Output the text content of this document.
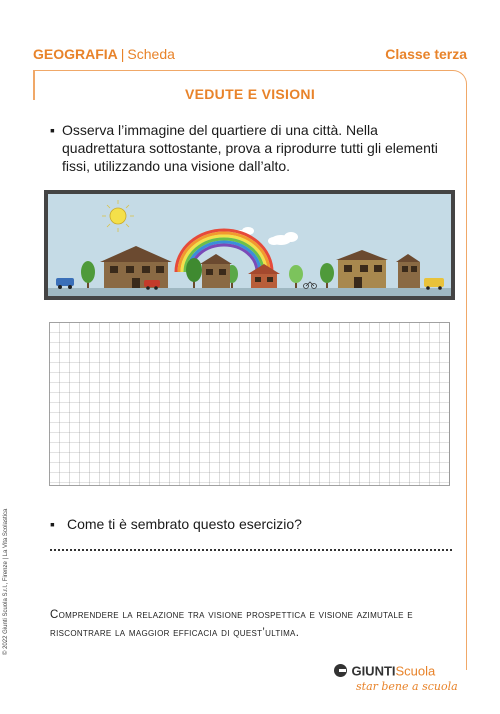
GEOGRAFIA | Scheda	Classe terza
VEDUTE E VISIONI
▪ Osserva l’immagine del quartiere di una città. Nella quadrettatura sottostante, prova a riprodurre tutti gli elementi fissi, utilizzando una visione dall’alto.
▪ Come ti è sembrato questo esercizio?
Comprendere la relazione tra visione prospettica e visione azimutale e riscontrare la maggior efficacia di quest’ultima.
© 2022 Giunti Scuola S.r.l., Firenze | La Vita Scolastica
GIUNTIScuola
star bene a scuola
